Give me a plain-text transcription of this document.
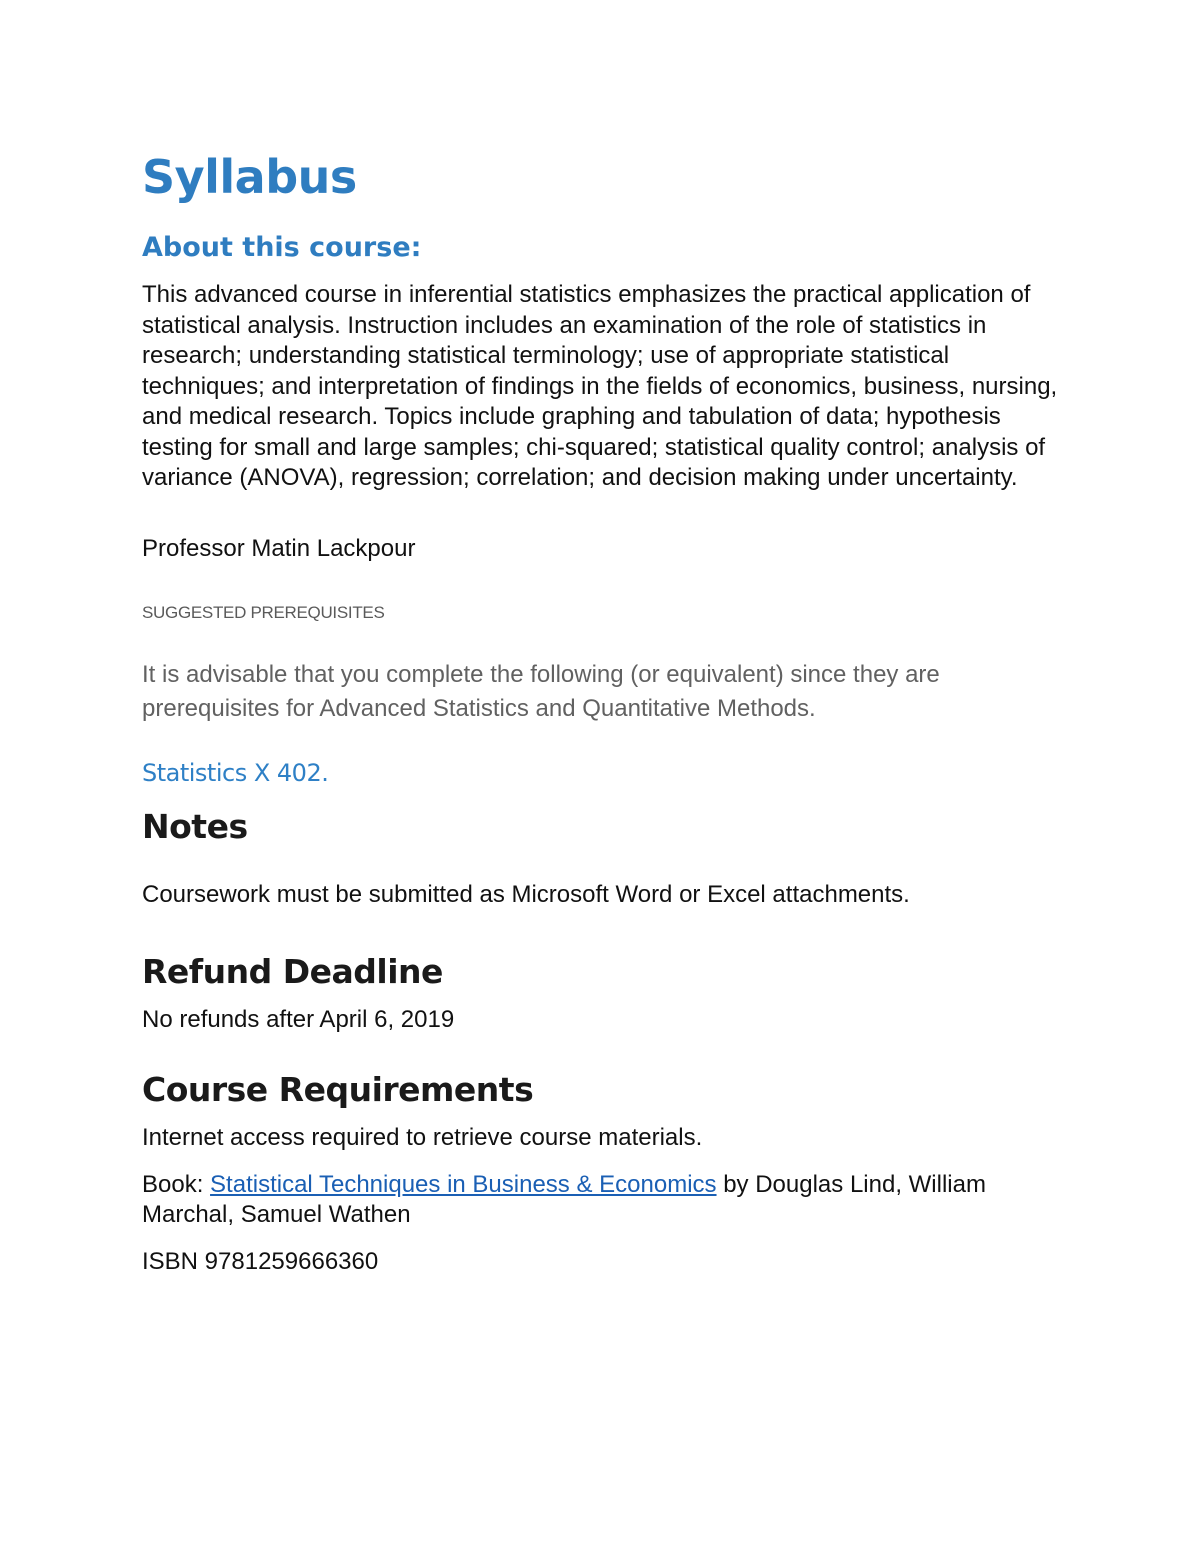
Syllabus
About this course:

This advanced course in inferential statistics emphasizes the practical application of statistical analysis. Instruction includes an examination of the role of statistics in research; understanding statistical terminology; use of appropriate statistical techniques; and interpretation of findings in the fields of economics, business, nursing, and medical research. Topics include graphing and tabulation of data; hypothesis testing for small and large samples; chi-squared; statistical quality control; analysis of variance (ANOVA), regression; correlation; and decision making under uncertainty.

Professor Matin Lackpour

SUGGESTED PREREQUISITES

It is advisable that you complete the following (or equivalent) since they are prerequisites for Advanced Statistics and Quantitative Methods.

Statistics X 402.

Notes

Coursework must be submitted as Microsoft Word or Excel attachments.

Refund Deadline

No refunds after April 6, 2019

Course Requirements

Internet access required to retrieve course materials.

Book: Statistical Techniques in Business & Economics by Douglas Lind, William Marchal, Samuel Wathen

ISBN 9781259666360
